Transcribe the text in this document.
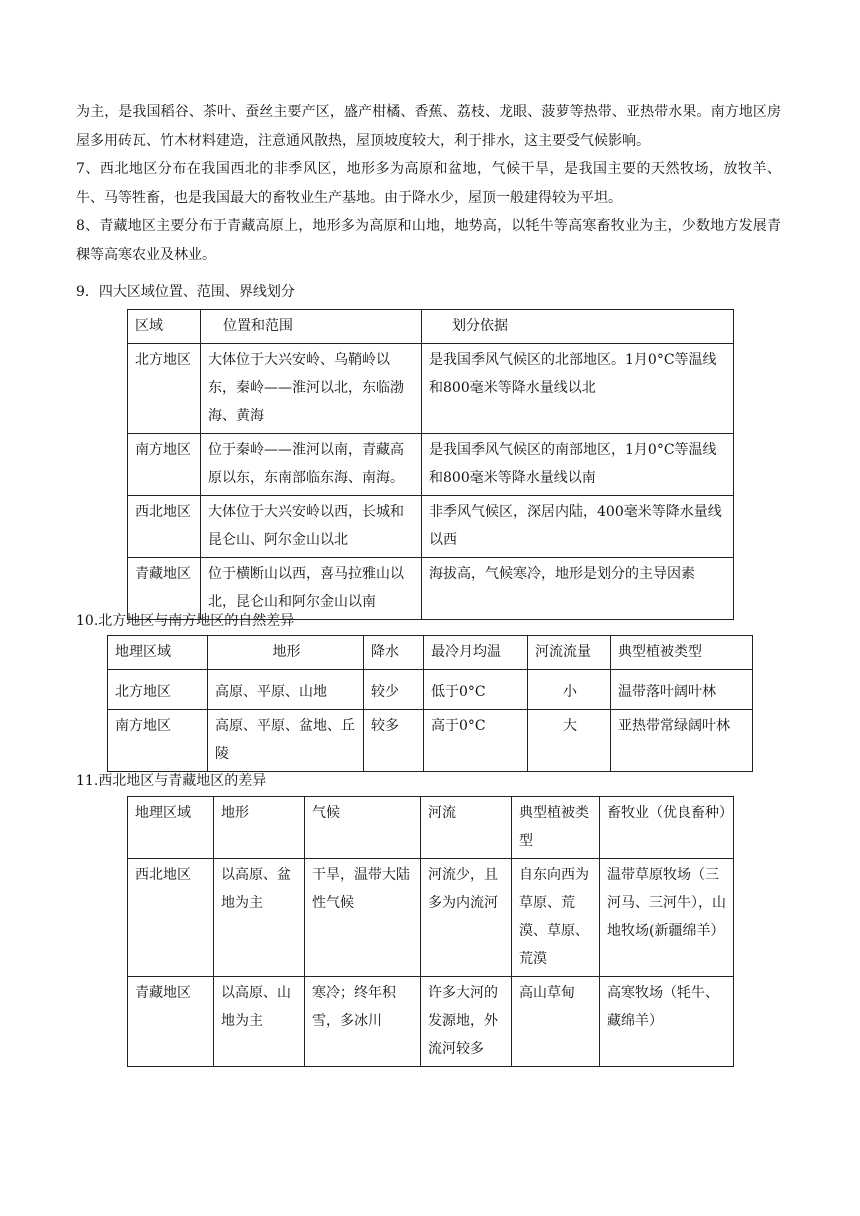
为主，是我国稻谷、茶叶、蚕丝主要产区，盛产柑橘、香蕉、荔枝、龙眼、菠萝等热带、亚热带水果。南方地区房屋多用砖瓦、竹木材料建造，注意通风散热，屋顶坡度较大，利于排水，这主要受气候影响。

7、西北地区分布在我国西北的非季风区，地形多为高原和盆地，气候干旱，是我国主要的天然牧场，放牧羊、牛、马等牲畜，也是我国最大的畜牧业生产基地。由于降水少，屋顶一般建得较为平坦。

8、青藏地区主要分布于青藏高原上，地形多为高原和山地，地势高，以牦牛等高寒畜牧业为主，少数地方发展青稞等高寒农业及林业。

9．四大区域位置、范围、界线划分

区域	位置和范围	划分依据
北方地区	大体位于大兴安岭、乌鞘岭以东，秦岭——淮河以北，东临渤海、黄海	是我国季风气候区的北部地区。1月0°C等温线和800毫米等降水量线以北
南方地区	位于秦岭——淮河以南，青藏高原以东，东南部临东海、南海。	是我国季风气候区的南部地区，1月0°C等温线和800毫米等降水量线以南
西北地区	大体位于大兴安岭以西，长城和昆仑山、阿尔金山以北	非季风气候区，深居内陆，400毫米等降水量线以西
青藏地区	位于横断山以西，喜马拉雅山以北，昆仑山和阿尔金山以南	海拔高，气候寒冷，地形是划分的主导因素

10.北方地区与南方地区的自然差异

地理区域	地形	降水	最冷月均温	河流流量	典型植被类型
北方地区	高原、平原、山地	较少	低于0°C	小	温带落叶阔叶林
南方地区	高原、平原、盆地、丘陵	较多	高于0°C	大	亚热带常绿阔叶林

11.西北地区与青藏地区的差异

地理区域	地形	气候	河流	典型植被类型	畜牧业（优良畜种）
西北地区	以高原、盆地为主	干旱，温带大陆性气候	河流少，且多为内流河	自东向西为草原、荒漠、草原、荒漠	温带草原牧场（三河马、三河牛），山地牧场(新疆绵羊）
青藏地区	以高原、山地为主	寒冷；终年积雪，多冰川	许多大河的发源地，外流河较多	高山草甸	高寒牧场（牦牛、藏绵羊）
